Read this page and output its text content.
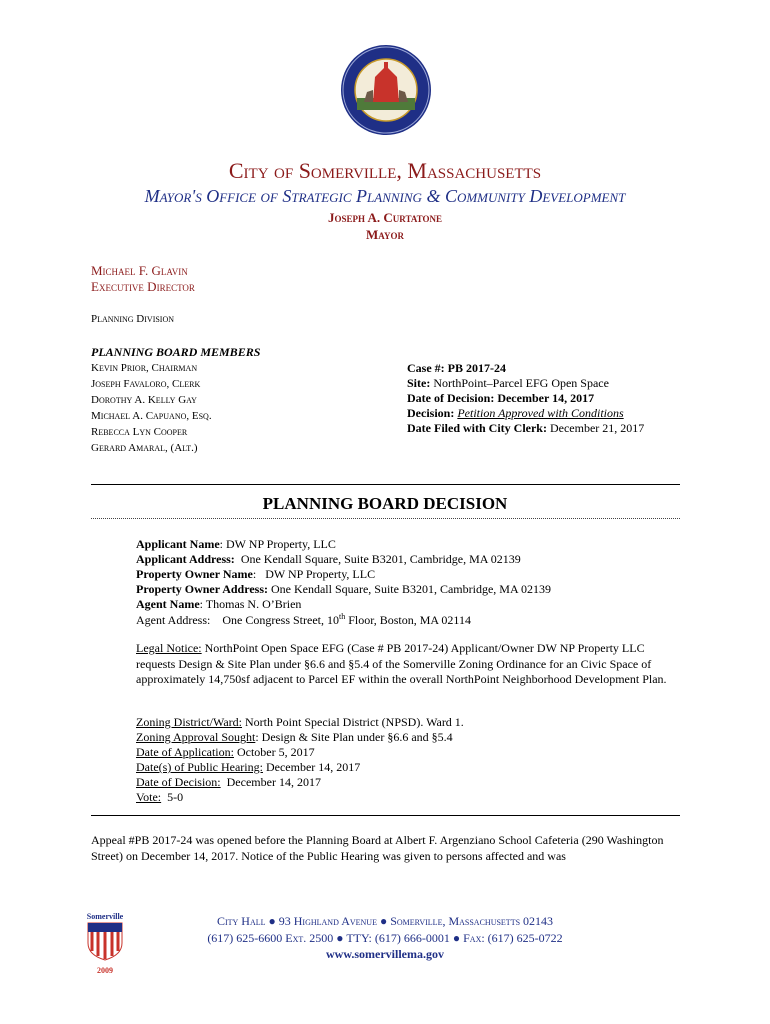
City of Somerville, Massachusetts
Mayor's Office of Strategic Planning & Community Development
Joseph A. Curtatone
Mayor
Michael F. Glavin
Executive Director
Planning Division
PLANNING BOARD MEMBERS
Kevin Prior, Chairman
Joseph Favaloro, Clerk
Dorothy A. Kelly Gay
Michael A. Capuano, Esq.
Rebecca Lyn Cooper
Gerard Amaral, (Alt.)
Case #: PB 2017-24
Site: NorthPoint–Parcel EFG Open Space
Date of Decision: December 14, 2017
Decision: Petition Approved with Conditions
Date Filed with City Clerk: December 21, 2017
PLANNING BOARD DECISION
Applicant Name: DW NP Property, LLC
Applicant Address:  One Kendall Square, Suite B3201, Cambridge, MA 02139
Property Owner Name:   DW NP Property, LLC
Property Owner Address: One Kendall Square, Suite B3201, Cambridge, MA 02139
Agent Name: Thomas N. O’Brien
Agent Address:    One Congress Street, 10th Floor, Boston, MA 02114
Legal Notice: NorthPoint Open Space EFG (Case # PB 2017-24) Applicant/Owner DW NP Property LLC requests Design & Site Plan under §6.6 and §5.4 of the Somerville Zoning Ordinance for an Civic Space of approximately 14,750sf adjacent to Parcel EF within the overall NorthPoint Neighborhood Development Plan.
Zoning District/Ward: North Point Special District (NPSD). Ward 1.
Zoning Approval Sought: Design & Site Plan under §6.6 and §5.4
Date of Application: October 5, 2017
Date(s) of Public Hearing: December 14, 2017
Date of Decision:  December 14, 2017
Vote:  5-0
Appeal #PB 2017-24 was opened before the Planning Board at Albert F. Argenziano School Cafeteria (290 Washington Street) on December 14, 2017. Notice of the Public Hearing was given to persons affected and was
Somerville
2009
City Hall ● 93 Highland Avenue ● Somerville, Massachusetts 02143
(617) 625-6600 Ext. 2500 ● TTY: (617) 666-0001 ● Fax: (617) 625-0722
www.somervillema.gov
